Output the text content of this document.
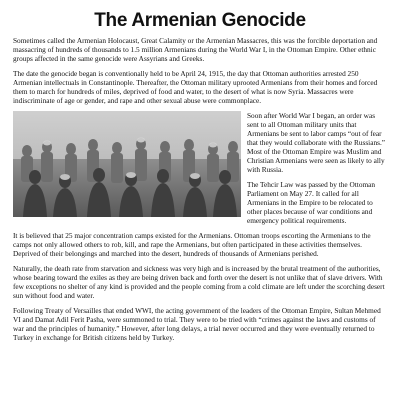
The Armenian Genocide

Sometimes called the Armenian Holocaust, Great Calamity or the Armenian Massacres, this was the forcible deportation and massacring of hundreds of thousands to 1.5 million Armenians during the World War I, in the Ottoman Empire. Other ethnic groups affected in the same genocide were Assyrians and Greeks.

The date the genocide began is conventionally held to be April 24, 1915, the day that Ottoman authorities arrested 250 Armenian intellectuals in Constantinople. Thereafter, the Ottoman military uprooted Armenians from their homes and forced them to march for hundreds of miles, deprived of food and water, to the desert of what is now Syria. Massacres were indiscriminate of age or gender, and rape and other sexual abuse were commonplace.

Soon after World War I began, an order was sent to all Ottoman military units that Armenians be sent to labor camps “out of fear that they would collaborate with the Russians.” Most of the Ottoman Empire was Muslim and Christian Armenians were seen as likely to ally with Russia.

The Tehcir Law was passed by the Ottoman Parliament on May 27. It called for all Armenians in the Empire to be relocated to other places because of war conditions and emergency political requirements.

It is believed that 25 major concentration camps existed for the Armenians. Ottoman troops escorting the Armenians to the camps not only allowed others to rob, kill, and rape the Armenians, but often participated in these activities themselves. Deprived of their belongings and marched into the desert, hundreds of thousands of Armenians perished.

Naturally, the death rate from starvation and sickness was very high and is increased by the brutal treatment of the authorities, whose bearing toward the exiles as they are being driven back and forth over the desert is not unlike that of slave drivers. With few exceptions no shelter of any kind is provided and the people coming from a cold climate are left under the scorching desert sun without food and water.

Following Treaty of Versailles that ended WWI, the acting government of the leaders of the Ottoman Empire, Sultan Mehmed VI and Damat Adil Ferit Pasha, were summoned to trial. They were to be tried with “crimes against the laws and customs of war and the principles of humanity.” However, after long delays, a trial never occurred and they were eventually returned to Turkey in exchange for British citizens held by Turkey.
